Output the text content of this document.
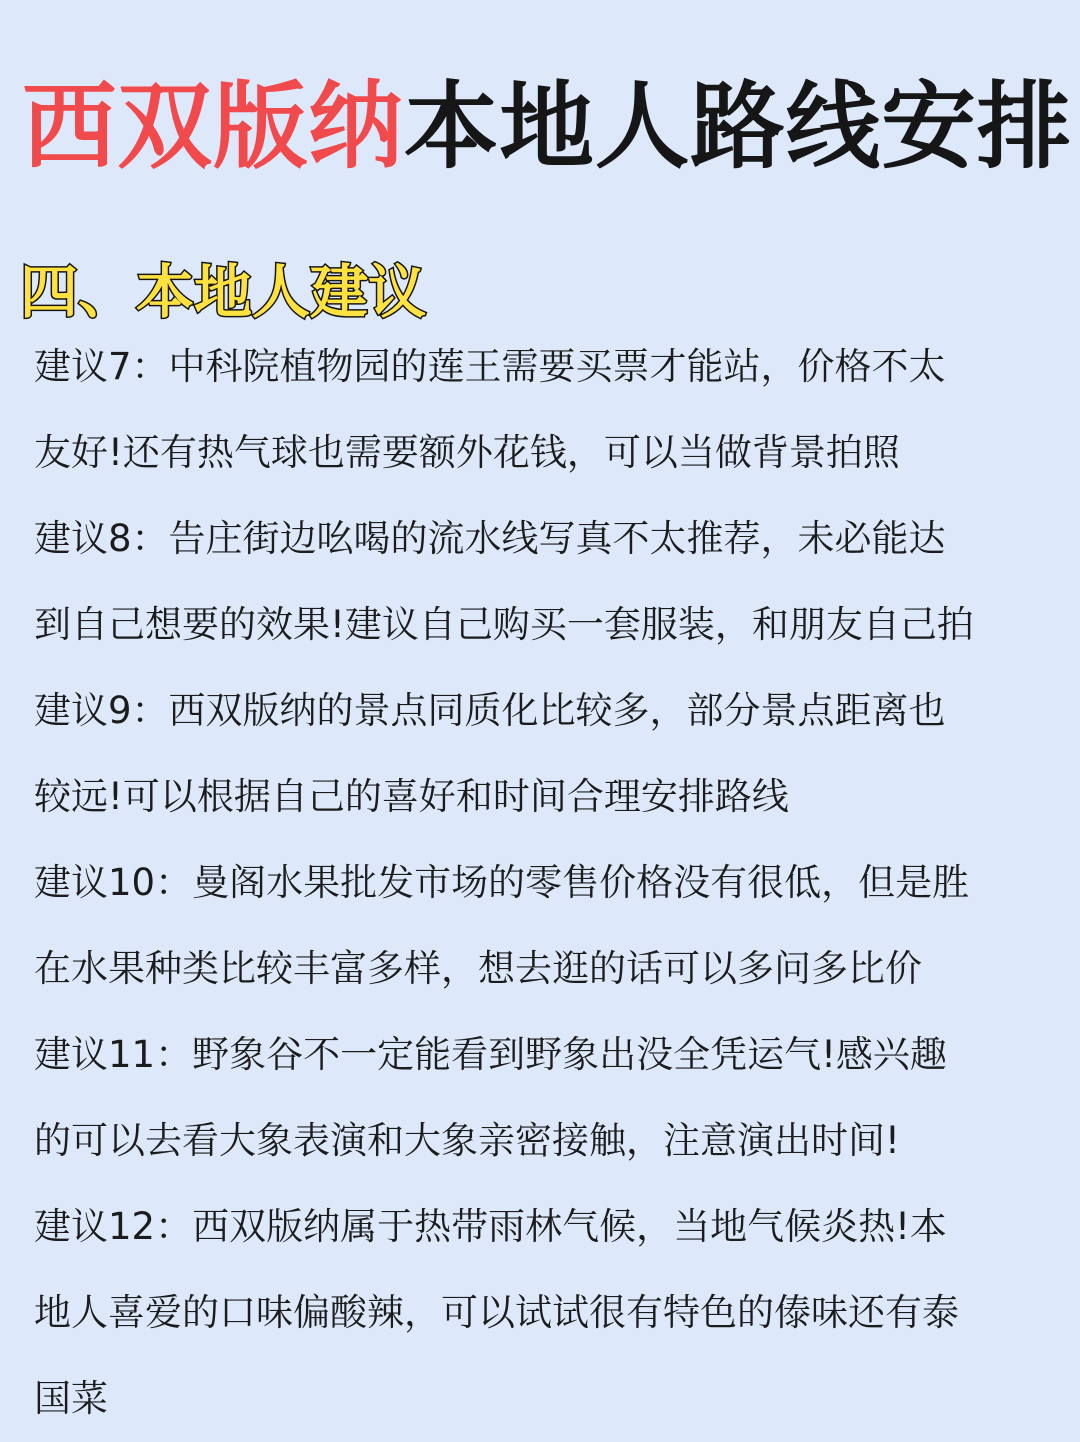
西双版纳本地人路线安排
四、本地人建议
建议7：中科院植物园的莲王需要买票才能站，价格不太
友好!还有热气球也需要额外花钱，可以当做背景拍照
建议8：告庄街边吆喝的流水线写真不太推荐，未必能达
到自己想要的效果!建议自己购买一套服装，和朋友自己拍
建议9：西双版纳的景点同质化比较多，部分景点距离也
较远!可以根据自己的喜好和时间合理安排路线
建议10：曼阁水果批发市场的零售价格没有很低，但是胜
在水果种类比较丰富多样，想去逛的话可以多问多比价
建议11：野象谷不一定能看到野象出没全凭运气!感兴趣
的可以去看大象表演和大象亲密接触，注意演出时间!
建议12：西双版纳属于热带雨林气候，当地气候炎热!本
地人喜爱的口味偏酸辣，可以试试很有特色的傣味还有泰
国菜
